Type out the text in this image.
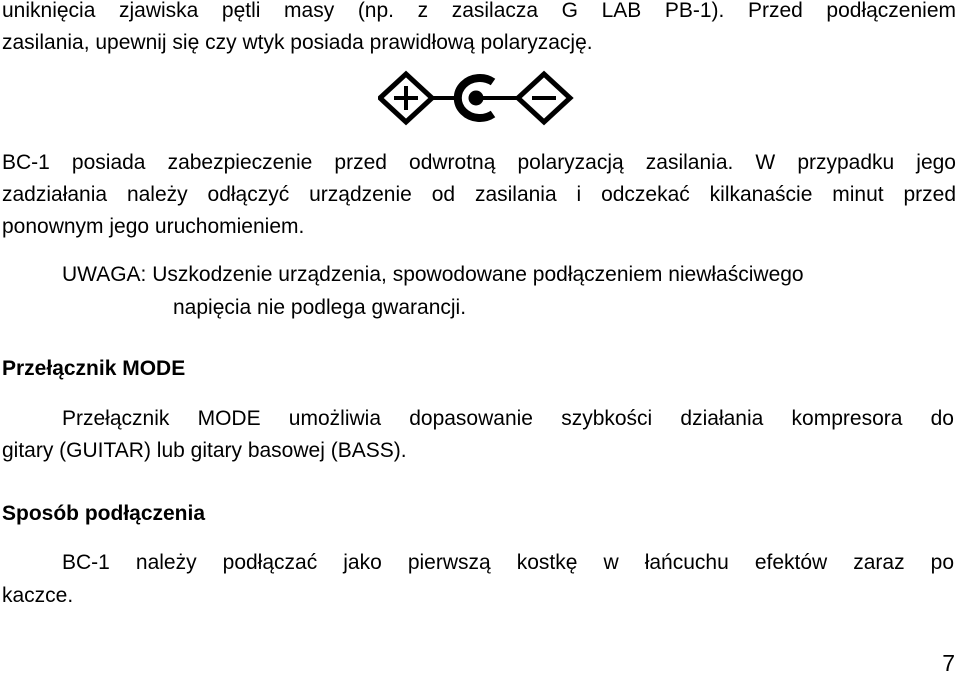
uniknięcia zjawiska pętli masy (np. z zasilacza G LAB PB-1). Przed podłączeniem
zasilania, upewnij się czy wtyk posiada prawidłową polaryzację.
BC-1 posiada zabezpieczenie przed odwrotną polaryzacją zasilania. W przypadku jego
zadziałania należy odłączyć urządzenie od zasilania i odczekać kilkanaście minut przed
ponownym jego uruchomieniem.
UWAGA: Uszkodzenie urządzenia, spowodowane podłączeniem niewłaściwego
napięcia nie podlega gwarancji.
Przełącznik MODE
Przełącznik MODE umożliwia dopasowanie szybkości działania kompresora do
gitary (GUITAR) lub gitary basowej (BASS).
Sposób podłączenia
BC-1 należy podłączać jako pierwszą kostkę w łańcuchu efektów zaraz po
kaczce.
7
